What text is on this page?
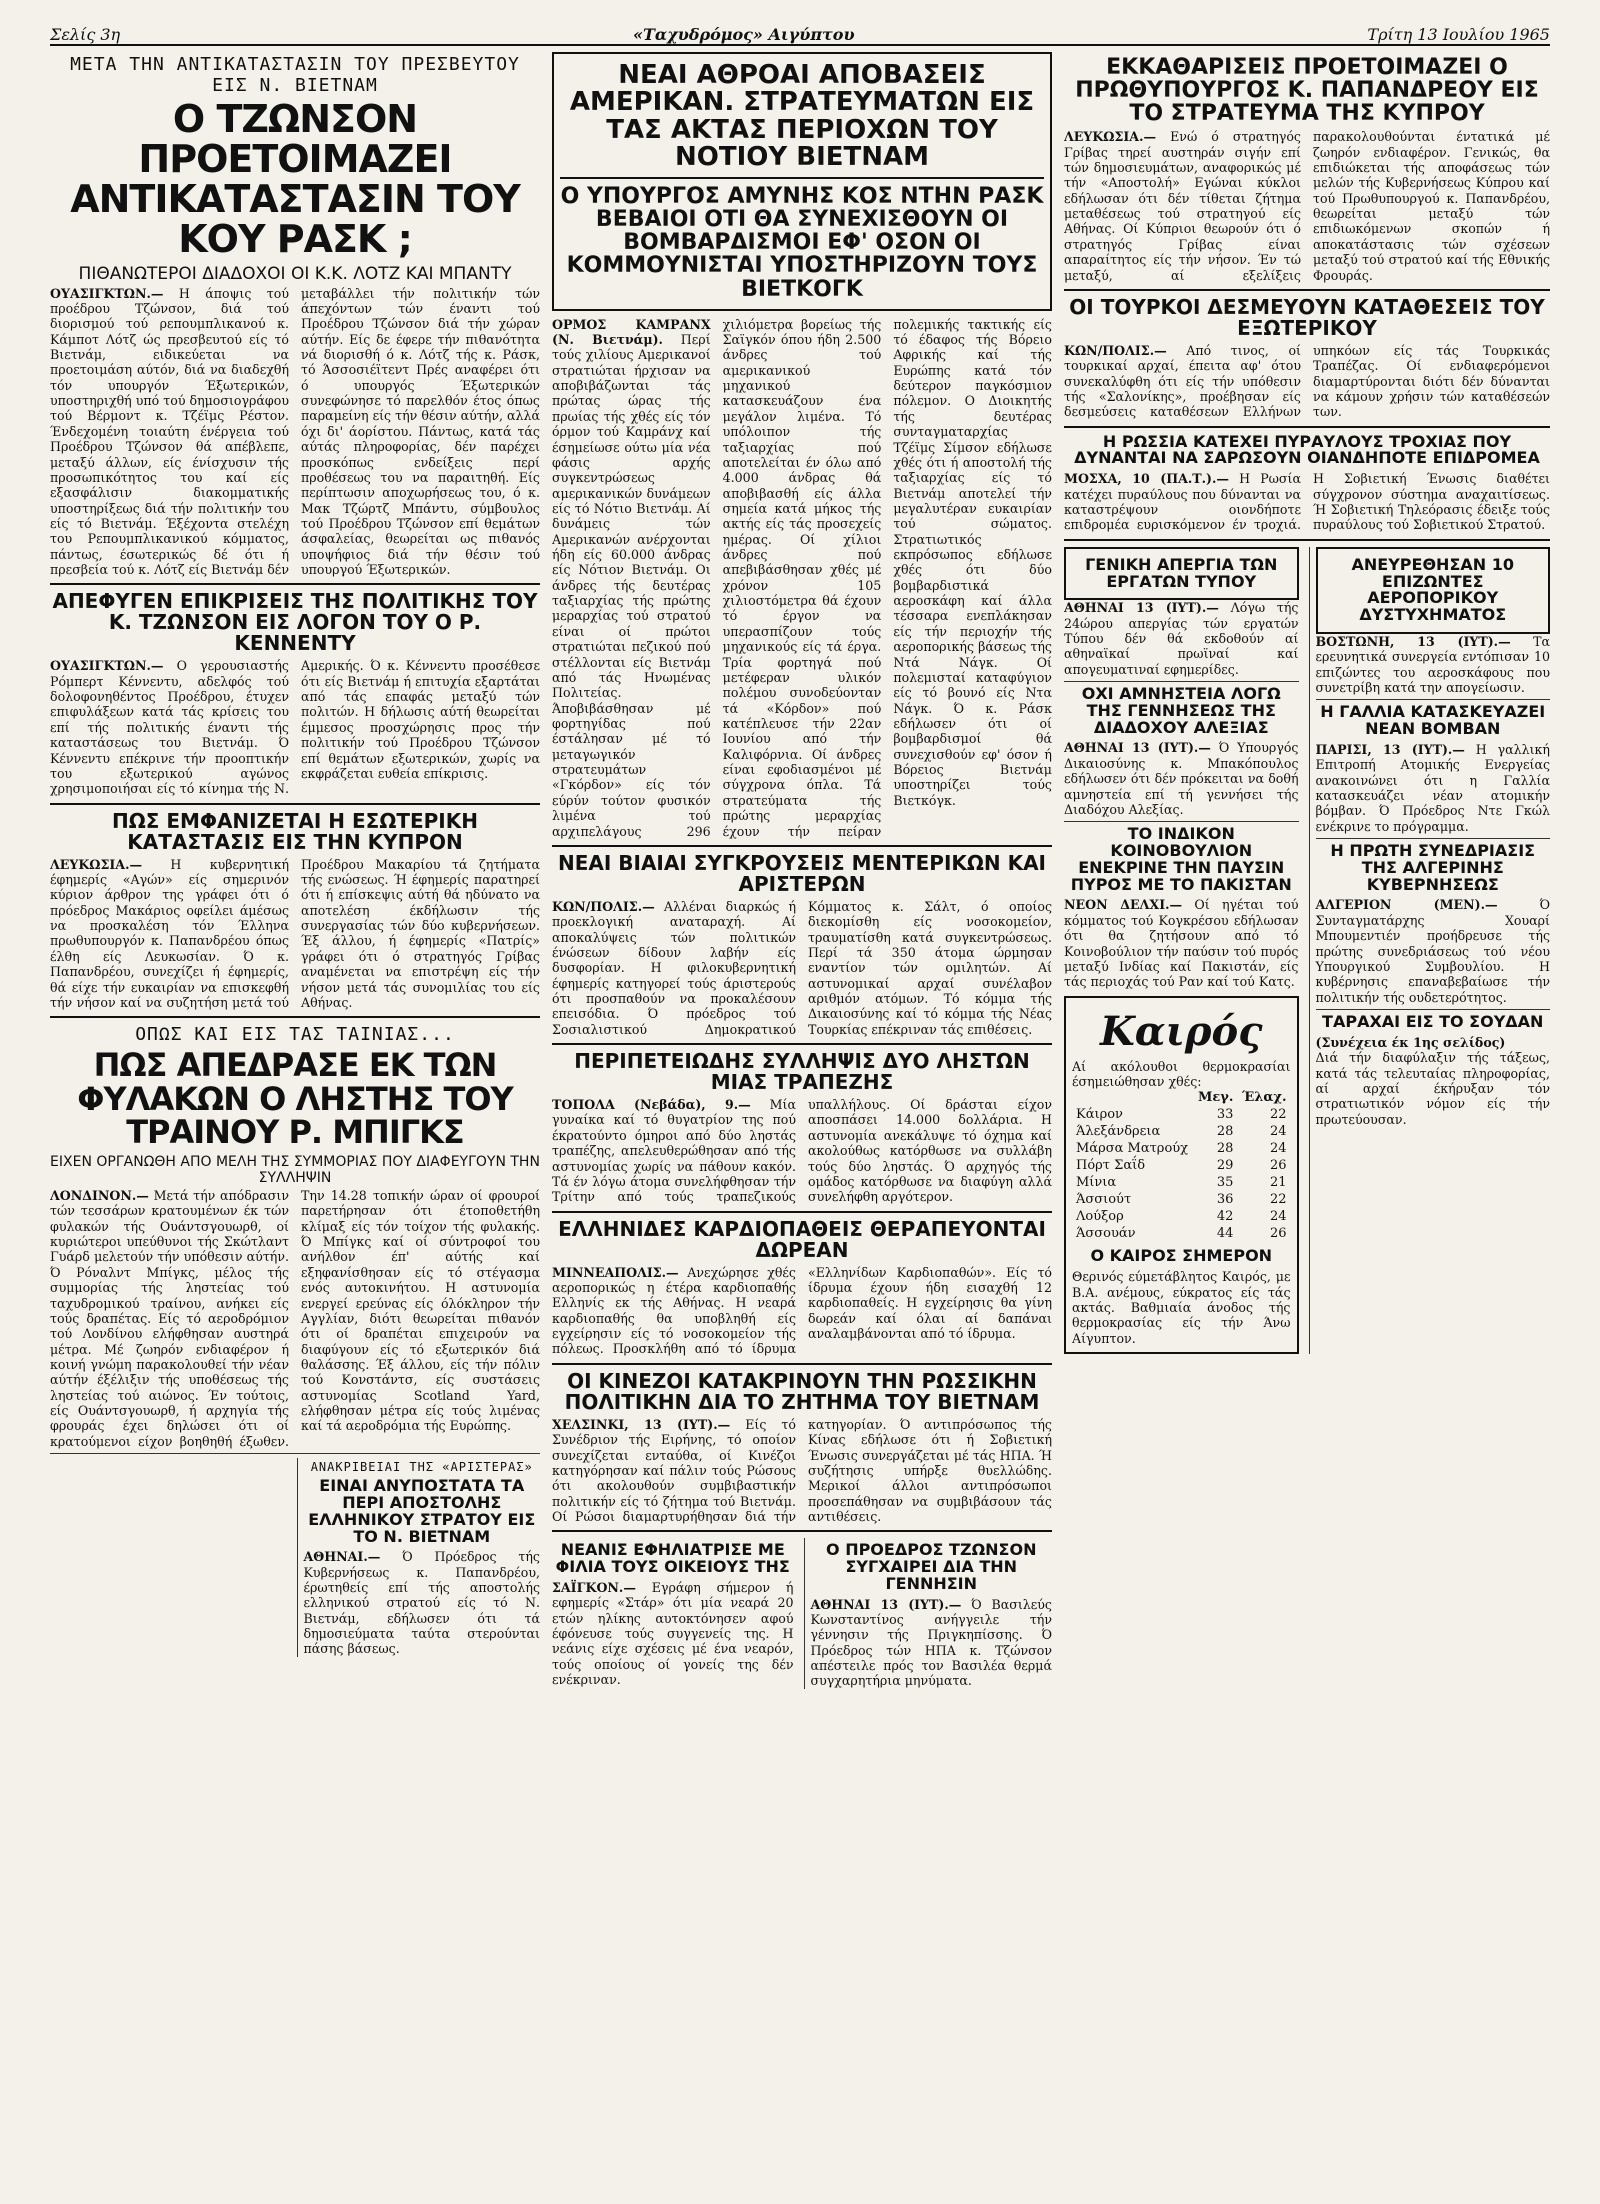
Σελίς 3η	«Ταχυδρόμος» Αιγύπτου	Τρίτη 13 Ιουλίου 1965
ΜΕΤΑ ΤΗΝ ΑΝΤΙΚΑΤΑΣΤΑΣΙΝ ΤΟΥ ΠΡΕΣΒΕΥΤΟΥ ΕΙΣ Ν. ΒΙΕΤΝΑΜ
Ο ΤΖΩΝΣΟΝ ΠΡΟΕΤΟΙΜΑΖΕΙ ΑΝΤΙΚΑΤΑΣΤΑΣΙΝ ΤΟΥ ΚΟΥ ΡΑΣΚ ;
ΠΙΘΑΝΩΤΕΡΟΙ ΔΙΑΔΟΧΟΙ ΟΙ Κ.Κ. ΛΟΤΖ ΚΑΙ ΜΠΑΝΤΥ
ΟΥΑΣΙΓΚΤΩΝ.— Η άποψις τού προέδρου Τζώνσον, διά τού διορισμού τού ρεπουμπλικανού κ. Κάμποτ Λότζ ώς πρεσβευτού είς τό Βιετνάμ, ειδικεύεται να προετοιμάση αύτόν, διά να διαδεχθή τόν υπουργόν Έξωτερικών, υποστηριχθή υπό τού δημοσιογράφου τού Βέρμοντ κ. Τζέϊμς Ρέστον. Ένδεχομένη τοιαύτη ένέργεια τού Προέδρου Τζώνσον θά απέβλεπε, μεταξύ άλλων, είς ένίσχυσιν τής προσωπικότητος του καί είς εξασφάλισιν διακομματικής υποστηρίξεως διά τήν πολιτικήν του είς τό Βιετνάμ. Έξέχοντα στελέχη του Ρεπουμπλικανικού κόμματος, πάντως, έσωτερικώς δέ ότι ή πρεσβεία τού κ. Λότζ είς Βιετνάμ δέν μεταβάλλει τήν πολιτικήν τών άπεχόντων τών έναντι τού Προέδρου Τζώνσον διά τήν χώραν αύτήν. Είς δε έφερε τήν πιθανότητα νά διορισθή ό κ. Λότζ τής κ. Ράσκ, τό Άσσοσιέϊτεντ Πρές αναφέρει ότι ό υπουργός Έξωτερικών συνεφώνησε τό παρελθόν έτος όπως παραμείνη είς τήν θέσιν αύτήν, αλλά όχι δι' άορίστου. Πάντως, κατά τάς αύτάς πληροφορίας, δέν παρέχει προσκόπως ενδείξεις περί προθέσεως του να παραιτηθή. Είς περίπτωσιν αποχωρήσεως του, ό κ. Μακ Τζώρτζ Μπάντυ, σύμβουλος τού Προέδρου Τζώνσον επί θεμάτων άσφαλείας, θεωρείται ως πιθανός υποψήφιος διά τήν θέσιν τού υπουργού Έξωτερικών.
ΑΠΕΦΥΓΕΝ ΕΠΙΚΡΙΣΕΙΣ ΤΗΣ ΠΟΛΙΤΙΚΗΣ ΤΟΥ Κ. ΤΖΩΝΣΟΝ ΕΙΣ ΛΟΓΟΝ ΤΟΥ Ο Ρ. ΚΕΝΝΕΝΤΥ
ΟΥΑΣΙΓΚΤΩΝ.— Ο γερουσιαστής Ρόμπερτ Κέννεντυ, αδελφός τού δολοφονηθέντος Προέδρου, έτυχεν επιφυλάξεων κατά τάς κρίσεις του επί τής πολιτικής έναντι τής καταστάσεως του Βιετνάμ. Ό Κέννεντυ επέκρινε τήν προοπτικήν του εξωτερικού αγώνος χρησιμοποιήσαι είς τό κίνημα τής Ν. Αμερικής. Ό κ. Κέννεντυ προσέθεσε ότι είς Βιετνάμ ή επιτυχία εξαρτάται από τάς επαφάς μεταξύ τών πολιτών. Η δήλωσις αύτή θεωρείται έμμεσος προσχώρησις προς τήν πολιτικήν τού Προέδρου Τζώνσον επί θεμάτων εξωτερικών, χωρίς να εκφράζεται ευθεία επίκρισις.
ΠΩΣ ΕΜΦΑΝΙΖΕΤΑΙ Η ΕΣΩΤΕΡΙΚΗ ΚΑΤΑΣΤΑΣΙΣ ΕΙΣ ΤΗΝ ΚΥΠΡΟΝ
ΛΕΥΚΩΣΙΑ.— Η κυβερνητική έφημερίς «Αγών» είς σημερινόν κύριον άρθρον της γράφει ότι ό πρόεδρος Μακάριος οφείλει άμέσως να προσκαλέση τόν Έλληνα πρωθυπουργόν κ. Παπανδρέου όπως έλθη είς Λευκωσίαν. Ό κ. Παπανδρέου, συνεχίζει ή έφημερίς, θά είχε τήν ευκαιρίαν να επισκεφθή τήν νήσον καί να συζητήση μετά τού Προέδρου Μακαρίου τά ζητήματα τής ενώσεως. Ή έφημερίς παρατηρεί ότι ή επίσκεψις αύτή θά ηδύνατο να αποτελέση έκδήλωσιν τής συνεργασίας τών δύο κυβερνήσεων. Έξ άλλου, ή έφημερίς «Πατρίς» γράφει ότι ό στρατηγός Γρίβας αναμένεται να επιστρέψη είς τήν νήσον μετά τάς συνομιλίας του είς Αθήνας.
ΟΠΩΣ ΚΑΙ ΕΙΣ ΤΑΣ ΤΑΙΝΙΑΣ...
ΠΩΣ ΑΠΕΔΡΑΣΕ ΕΚ ΤΩΝ ΦΥΛΑΚΩΝ Ο ΛΗΣΤΗΣ ΤΟΥ ΤΡΑΙΝΟΥ Ρ. ΜΠΙΓΚΣ
ΕΙΧΕΝ ΟΡΓΑΝΩΘΗ ΑΠΟ ΜΕΛΗ ΤΗΣ ΣΥΜΜΟΡΙΑΣ ΠΟΥ ΔΙΑΦΕΥΓΟΥΝ ΤΗΝ ΣΥΛΛΗΨΙΝ
ΛΟΝΔΙΝΟΝ.— Μετά τήν απόδρασιν τών τεσσάρων κρατουμένων έκ τών φυλακών τής Ουάντσγουωρθ, οί κυριώτεροι υπεύθυνοι τής Σκώτλαντ Γυάρδ μελετούν τήν υπόθεσιν αύτήν. Ό Ρόναλντ Μπίγκς, μέλος τής συμμορίας τής ληστείας τού ταχυδρομικού τραίνου, ανήκει είς τούς δραπέτας. Είς τό αεροδρόμιον τού Λονδίνου ελήφθησαν αυστηρά μέτρα. Μέ ζωηρόν ενδιαφέρον ή κοινή γνώμη παρακολουθεί τήν νέαν αύτήν έξέλιξιν τής υποθέσεως τής ληστείας τού αιώνος. Έν τούτοις, είς Ουάντσγουωρθ, ή αρχηγία τής φρουράς έχει δηλώσει ότι οί κρατούμενοι είχον βοηθηθή έξωθεν. Την 14.28 τοπικήν ώραν οί φρουροί παρετήρησαν ότι έτοποθετήθη κλίμαξ είς τόν τοίχον τής φυλακής. Ό Μπίγκς καί οί σύντροφοί του ανήλθον έπ' αύτής καί εξηφανίσθησαν είς τό στέγασμα ενός αυτοκινήτου. Η αστυνομία ενεργεί ερεύνας είς όλόκληρον τήν Αγγλίαν, διότι θεωρείται πιθανόν ότι οί δραπέται επιχειρούν να διαφύγουν είς τό εξωτερικόν διά θαλάσσης. Έξ άλλου, είς τήν πόλιν τού Κονστάντσ, είς συστάσεις αστυνομίας Scotland Yard, ελήφθησαν μέτρα είς τούς λιμένας καί τά αεροδρόμια τής Ευρώπης.
ΑΝΑΚΡΙΒΕΙΑΙ ΤΗΣ «ΑΡΙΣΤΕΡΑΣ»
ΕΙΝΑΙ ΑΝΥΠΟΣΤΑΤΑ ΤΑ ΠΕΡΙ ΑΠΟΣΤΟΛΗΣ ΕΛΛΗΝΙΚΟΥ ΣΤΡΑΤΟΥ ΕΙΣ ΤΟ Ν. ΒΙΕΤΝΑΜ
ΑΘΗΝΑΙ.— Ό Πρόεδρος τής Κυβερνήσεως κ. Παπανδρέου, έρωτηθείς επί τής αποστολής ελληνικού στρατού είς τό Ν. Βιετνάμ, εδήλωσεν ότι τά δημοσιεύματα ταύτα στερούνται πάσης βάσεως.
ΝΕΑΙ ΑΘΡΟΑΙ ΑΠΟΒΑΣΕΙΣ ΑΜΕΡΙΚΑΝ. ΣΤΡΑΤΕΥΜΑΤΩΝ ΕΙΣ ΤΑΣ ΑΚΤΑΣ ΠΕΡΙΟΧΩΝ ΤΟΥ ΝΟΤΙΟΥ ΒΙΕΤΝΑΜ
Ο ΥΠΟΥΡΓΟΣ ΑΜΥΝΗΣ ΚΟΣ ΝΤΗΝ ΡΑΣΚ ΒΕΒΑΙΟΙ ΟΤΙ ΘΑ ΣΥΝΕΧΙΣΘΟΥΝ ΟΙ ΒΟΜΒΑΡΔΙΣΜΟΙ ΕΦ' ΟΣΟΝ ΟΙ ΚΟΜΜΟΥΝΙΣΤΑΙ ΥΠΟΣΤΗΡΙΖΟΥΝ ΤΟΥΣ ΒΙΕΤΚΟΓΚ
ΟΡΜΟΣ ΚΑΜΡΑΝΧ (Ν. Βιετνάμ). Περί τούς χιλίους Αμερικανοί στρατιώται ήρχισαν να αποβιβάζωνται τάς πρώτας ώρας τής πρωίας τής χθές είς τόν όρμον τού Καμράνχ καί έσημείωσε ούτω μία νέα φάσις αρχής συγκεντρώσεως αμερικανικών δυνάμεων είς τό Νότιο Βιετνάμ. Αί δυνάμεις τών Αμερικανών ανέρχονται ήδη είς 60.000 άνδρας είς Νότιον Βιετνάμ. Οι άνδρες τής δευτέρας ταξιαρχίας τής πρώτης μεραρχίας τού στρατού είναι οί πρώτοι στρατιώται πεζικού πού στέλλονται είς Βιετνάμ από τάς Ηνωμένας Πολιτείας. Άποβιβάσθησαν μέ φορτηγίδας πού έστάλησαν μέ τό μεταγωγικόν στρατευμάτων «Γκόρδον» είς τόν εύρύν τούτον φυσικόν λιμένα τού αρχιπελάγους 296 χιλιόμετρα βορείως τής Σαϊγκόν όπου ήδη 2.500 άνδρες τού αμερικανικού μηχανικού κατασκευάζουν ένα μεγάλον λιμένα. Τό υπόλοιπον τής ταξιαρχίας πού αποτελείται έν όλω από 4.000 άνδρας θά αποβιβασθή είς άλλα σημεία κατά μήκος τής ακτής είς τάς προσεχείς ημέρας. Οί χίλιοι άνδρες πού απεβιβάσθησαν χθές μέ χρόνον 105 χιλιοστόμετρα θά έχουν τό έργον να υπερασπίζουν τούς μηχανικούς είς τά έργα. Τρία φορτηγά πού μετέφεραν υλικόν πολέμου συνοδεύονταν τά «Κόρδον» πού κατέπλευσε τήν 22αν Ιουνίου από τήν Καλιφόρνια. Οί άνδρες είναι εφοδιασμένοι μέ σύγχρονα όπλα. Τά στρατεύματα τής πρώτης μεραρχίας έχουν τήν πείραν πολεμικής τακτικής είς τό έδαφος τής Βόρειο Αφρικής καί τής Ευρώπης κατά τόν δεύτερον παγκόσμιον πόλεμον. Ο Διοικητής τής δευτέρας συνταγματαρχίας Τζέϊμς Σίμσον εδήλωσε χθές ότι ή αποστολή τής ταξιαρχίας είς τό Βιετνάμ αποτελεί τήν μεγαλυτέραν ευκαιρίαν τού σώματος. Στρατιωτικός εκπρόσωπος εδήλωσε χθές ότι δύο βομβαρδιστικά αεροσκάφη καί άλλα τέσσαρα ενεπλάκησαν είς τήν περιοχήν τής αεροπορικής βάσεως τής Ντά Νάγκ. Οί πολεμισταί καταφύγιον είς τό βουνό είς Ντα Νάγκ. Ό κ. Ράσκ εδήλωσεν ότι οί βομβαρδισμοί θά συνεχισθούν εφ' όσον ή Βόρειος Βιετνάμ υποστηρίζει τούς Βιετκόγκ.
ΝΕΑΙ ΒΙΑΙΑΙ ΣΥΓΚΡΟΥΣΕΙΣ ΜΕΝΤΕΡΙΚΩΝ ΚΑΙ ΑΡΙΣΤΕΡΩΝ
ΚΩΝ/ΠΟΛΙΣ.— Αλλέναι διαρκώς ή προεκλογική αναταραχή. Αί αποκαλύψεις τών πολιτικών ένώσεων δίδουν λαβήν είς δυσφορίαν. Η φιλοκυβερνητική έφημερίς κατηγορεί τούς άριστερούς ότι προσπαθούν να προκαλέσουν επεισόδια. Ό πρόεδρος τού Σοσιαλιστικού Δημοκρατικού Κόμματος κ. Σάλτ, ό οποίος διεκομίσθη είς νοσοκομείον, τραυματίσθη κατά συγκεντρώσεως. Περί τά 350 άτομα ώρμησαν εναντίον τών ομιλητών. Αί αστυνομικαί αρχαί συνέλαβον αριθμόν ατόμων. Τό κόμμα τής Δικαιοσύνης καί τό κόμμα τής Νέας Τουρκίας επέκριναν τάς επιθέσεις.
ΠΕΡΙΠΕΤΕΙΩΔΗΣ ΣΥΛΛΗΨΙΣ ΔΥΟ ΛΗΣΤΩΝ ΜΙΑΣ ΤΡΑΠΕΖΗΣ
ΤΟΠΟΛΑ (Νεβάδα), 9.— Μία γυναίκα καί τό θυγατρίον της πού έκρατούντο όμηροι από δύο ληστάς τραπέζης, απελευθερώθησαν από τής αστυνομίας χωρίς να πάθουν κακόν. Τά έν λόγω άτομα συνελήφθησαν τήν Τρίτην από τούς τραπεζικούς υπαλλήλους. Οί δράσται είχον αποσπάσει 14.000 δολλάρια. Η αστυνομία ανεκάλυψε τό όχημα καί ακολούθως κατόρθωσε να συλλάβη τούς δύο ληστάς. Ό αρχηγός τής ομάδος κατόρθωσε να διαφύγη αλλά συνελήφθη αργότερον.
ΕΛΛΗΝΙΔΕΣ ΚΑΡΔΙΟΠΑΘΕΙΣ ΘΕΡΑΠΕΥΟΝΤΑΙ ΔΩΡΕΑΝ
ΜΙΝΝΕΑΠΟΛΙΣ.— Ανεχώρησε χθές αεροπορικώς η έτέρα καρδιοπαθής Ελληνίς εκ τής Αθήνας. Η νεαρά καρδιοπαθής θα υποβληθή είς εγχείρησιν είς τό νοσοκομείον τής πόλεως. Προσκλήθη από τό ίδρυμα «Ελληνίδων Καρδιοπαθών». Είς τό ίδρυμα έχουν ήδη εισαχθή 12 καρδιοπαθείς. Η εγχείρησις θα γίνη δωρεάν καί όλαι αί δαπάναι αναλαμβάνονται από τό ίδρυμα.
ΟΙ ΚΙΝΕΖΟΙ ΚΑΤΑΚΡΙΝΟΥΝ ΤΗΝ ΡΩΣΣΙΚΗΝ ΠΟΛΙΤΙΚΗΝ ΔΙΑ ΤΟ ΖΗΤΗΜΑ ΤΟΥ ΒΙΕΤΝΑΜ
ΧΕΛΣΙΝΚΙ, 13 (ΙΥΤ).— Είς τό Συνέδριον τής Ειρήνης, τό οποίον συνεχίζεται ενταύθα, οί Κινέζοι κατηγόρησαν καί πάλιν τούς Ρώσους ότι ακολουθούν συμβιβαστικήν πολιτικήν είς τό ζήτημα τού Βιετνάμ. Οί Ρώσοι διαμαρτυρήθησαν διά τήν κατηγορίαν. Ό αντιπρόσωπος τής Κίνας εδήλωσε ότι ή Σοβιετική Ένωσις συνεργάζεται μέ τάς ΗΠΑ. Ή συζήτησις υπήρξε θυελλώδης. Μερικοί άλλοι αντιπρόσωποι προσεπάθησαν να συμβιβάσουν τάς αντιθέσεις.
ΝΕΑΝΙΣ ΕΦΗΛΙΑΤΡΙΣΕ ΜΕ ΦΙΛΙΑ ΤΟΥΣ ΟΙΚΕΙΟΥΣ ΤΗΣ
ΣΑΪΓΚΟΝ.— Εγράφη σήμερον ή εφημερίς «Στάρ» ότι μία νεαρά 20 ετών ηλίκης αυτοκτόνησεν αφού έφόνευσε τούς συγγενείς της. Η νεάνις είχε σχέσεις μέ ένα νεαρόν, τούς οποίους οί γονείς της δέν ενέκριναν.
Ο ΠΡΟΕΔΡΟΣ ΤΖΩΝΣΟΝ ΣΥΓΧΑΙΡΕΙ ΔΙΑ ΤΗΝ ΓΕΝΝΗΣΙΝ
ΑΘΗΝΑΙ 13 (ΙΥΤ).— Ό Βασιλεύς Κωνσταντίνος ανήγγειλε τήν γέννησιν τής Πριγκηπίσσης. Ό Πρόεδρος τών ΗΠΑ κ. Τζώνσον απέστειλε πρός τον Βασιλέα θερμά συγχαρητήρια μηνύματα.
ΕΚΚΑΘΑΡΙΣΕΙΣ ΠΡΟΕΤΟΙΜΑΖΕΙ Ο ΠΡΩΘΥΠΟΥΡΓΟΣ Κ. ΠΑΠΑΝΔΡΕΟΥ ΕΙΣ ΤΟ ΣΤΡΑΤΕΥΜΑ ΤΗΣ ΚΥΠΡΟΥ
ΛΕΥΚΩΣΙΑ.— Ενώ ό στρατηγός Γρίβας τηρεί αυστηράν σιγήν επί τών δημοσιευμάτων, αναφορικώς μέ τήν «Αποστολή» Εγώναι κύκλοι εδήλωσαν ότι δέν τίθεται ζήτημα μεταθέσεως τού στρατηγού είς Αθήνας. Οί Κύπριοι θεωρούν ότι ό στρατηγός Γρίβας είναι απαραίτητος είς τήν νήσον. Έν τώ μεταξύ, αί εξελίξεις παρακολουθούνται έντατικά μέ ζωηρόν ενδιαφέρον. Γενικώς, θα επιδιώκεται τής αποφάσεως τών μελών τής Κυβερνήσεως Κύπρου καί τού Πρωθυπουργού κ. Παπανδρέου, θεωρείται μεταξύ τών επιδιωκόμενων σκοπών ή αποκατάστασις τών σχέσεων μεταξύ τού στρατού καί τής Εθνικής Φρουράς.
ΟΙ ΤΟΥΡΚΟΙ ΔΕΣΜΕΥΟΥΝ ΚΑΤΑΘΕΣΕΙΣ ΤΟΥ ΕΞΩΤΕΡΙΚΟΥ
ΚΩΝ/ΠΟΛΙΣ.— Από τινος, οί τουρκικαί αρχαί, έπειτα αφ' ότου συνεκαλύφθη ότι είς τήν υπόθεσιν τής «Σαλονίκης», προέβησαν είς δεσμεύσεις καταθέσεων Ελλήνων υπηκόων είς τάς Τουρκικάς Τραπέζας. Οί ενδιαφερόμενοι διαμαρτύρονται διότι δέν δύνανται να κάμουν χρήσιν τών καταθέσεών των.
Η ΡΩΣΣΙΑ ΚΑΤΕΧΕΙ ΠΥΡΑΥΛΟΥΣ ΤΡΟΧΙΑΣ ΠΟΥ ΔΥΝΑΝΤΑΙ ΝΑ ΣΑΡΩΣΟΥΝ ΟΙΑΝΔΗΠΟΤΕ ΕΠΙΔΡΟΜΕΑ
ΜΟΣΧΑ, 10 (ΠΑ.Τ.).— Η Ρωσία κατέχει πυραύλους που δύνανται να καταστρέψουν οιονδήποτε επιδρομέα ευρισκόμενον έν τροχιά. Η Σοβιετική Ένωσις διαθέτει σύγχρονον σύστημα αναχαιτίσεως. Ή Σοβιετική Τηλεόρασις έδειξε τούς πυραύλους τού Σοβιετικού Στρατού.
ΓΕΝΙΚΗ ΑΠΕΡΓΙΑ ΤΩΝ ΕΡΓΑΤΩΝ ΤΥΠΟΥ
ΑΘΗΝΑΙ 13 (ΙΥΤ).— Λόγω τής 24ώρου απεργίας τών εργατών Τύπου δέν θά εκδοθούν αί αθηναϊκαί πρωϊναί καί απογευματιναί εφημερίδες.
ΟΧΙ ΑΜΝΗΣΤΕΙΑ ΛΟΓΩ ΤΗΣ ΓΕΝΝΗΣΕΩΣ ΤΗΣ ΔΙΑΔΟΧΟΥ ΑΛΕΞΙΑΣ
ΑΘΗΝΑΙ 13 (ΙΥΤ).— Ό Υπουργός Δικαιοσύνης κ. Μπακόπουλος εδήλωσεν ότι δέν πρόκειται να δοθή αμνηστεία επί τή γεννήσει τής Διαδόχου Αλεξίας.
ΤΟ ΙΝΔΙΚΟΝ ΚΟΙΝΟΒΟΥΛΙΟΝ ΕΝΕΚΡΙΝΕ ΤΗΝ ΠΑΥΣΙΝ ΠΥΡΟΣ ΜΕ ΤΟ ΠΑΚΙΣΤΑΝ
ΝΕΟΝ ΔΕΛΧΙ.— Οί ηγέται τού κόμματος τού Κογκρέσου εδήλωσαν ότι θα ζητήσουν από τό Κοινοβούλιον τήν παύσιν τού πυρός μεταξύ Ινδίας καί Πακιστάν, είς τάς περιοχάς τού Ραν καί τού Κατς.
Καιρός
Αί ακόλουθοι θερμοκρασίαι έσημειώθησαν χθές:
	Μεγ.	Έλαχ.
Κάιρον	33	22
Άλεξάνδρεια	28	24
Μάρσα Ματρούχ	28	24
Πόρτ Σαΐδ	29	26
Μίνια	35	21
Άσσιούτ	36	22
Λούξορ	42	24
Άσσουάν	44	26
Ο ΚΑΙΡΟΣ ΣΗΜΕΡΟΝ
Θερινός εύμετάβλητος Καιρός, με Β.Α. ανέμους, εύκρατος είς τάς ακτάς. Βαθμιαία άνοδος τής θερμοκρασίας είς τήν Άνω Αίγυπτον.
ΑΝΕΥΡΕΘΗΣΑΝ 10 ΕΠΙΖΩΝΤΕΣ ΑΕΡΟΠΟΡΙΚΟΥ ΔΥΣΤΥΧΗΜΑΤΟΣ
ΒΟΣΤΩΝΗ, 13 (ΙΥΤ).— Τα ερευνητικά συνεργεία εντόπισαν 10 επιζώντες του αεροσκάφους που συνετρίβη κατά την απογείωσιν.
Η ΓΑΛΛΙΑ ΚΑΤΑΣΚΕΥΑΖΕΙ ΝΕΑΝ ΒΟΜΒΑΝ
ΠΑΡΙΣΙ, 13 (ΙΥΤ).— Η γαλλική Επιτροπή Ατομικής Ενεργείας ανακοινώνει ότι η Γαλλία κατασκευάζει νέαν ατομικήν βόμβαν. Ό Πρόεδρος Ντε Γκώλ ενέκρινε το πρόγραμμα.
Η ΠΡΩΤΗ ΣΥΝΕΔΡΙΑΣΙΣ ΤΗΣ ΑΛΓΕΡΙΝΗΣ ΚΥΒΕΡΝΗΣΕΩΣ
ΑΛΓΕΡΙΟΝ (ΜΕΝ).—	Ό Συνταγματάρχης Χουαρί Μπουμεντιέν προήδρευσε τής πρώτης συνεδριάσεως τού νέου Υπουργικού Συμβουλίου. Η κυβέρνησις επαναβεβαίωσε τήν πολιτικήν τής ουδετερότητος.
ΤΑΡΑΧΑΙ ΕΙΣ ΤΟ ΣΟΥΔΑΝ
(Συνέχεια έκ 1ης σελίδος)
Διά τήν διαφύλαξιν τής τάξεως, κατά τάς τελευταίας πληροφορίας, αί αρχαί έκήρυξαν τόν στρατιωτικόν νόμον είς τήν πρωτεύουσαν.
